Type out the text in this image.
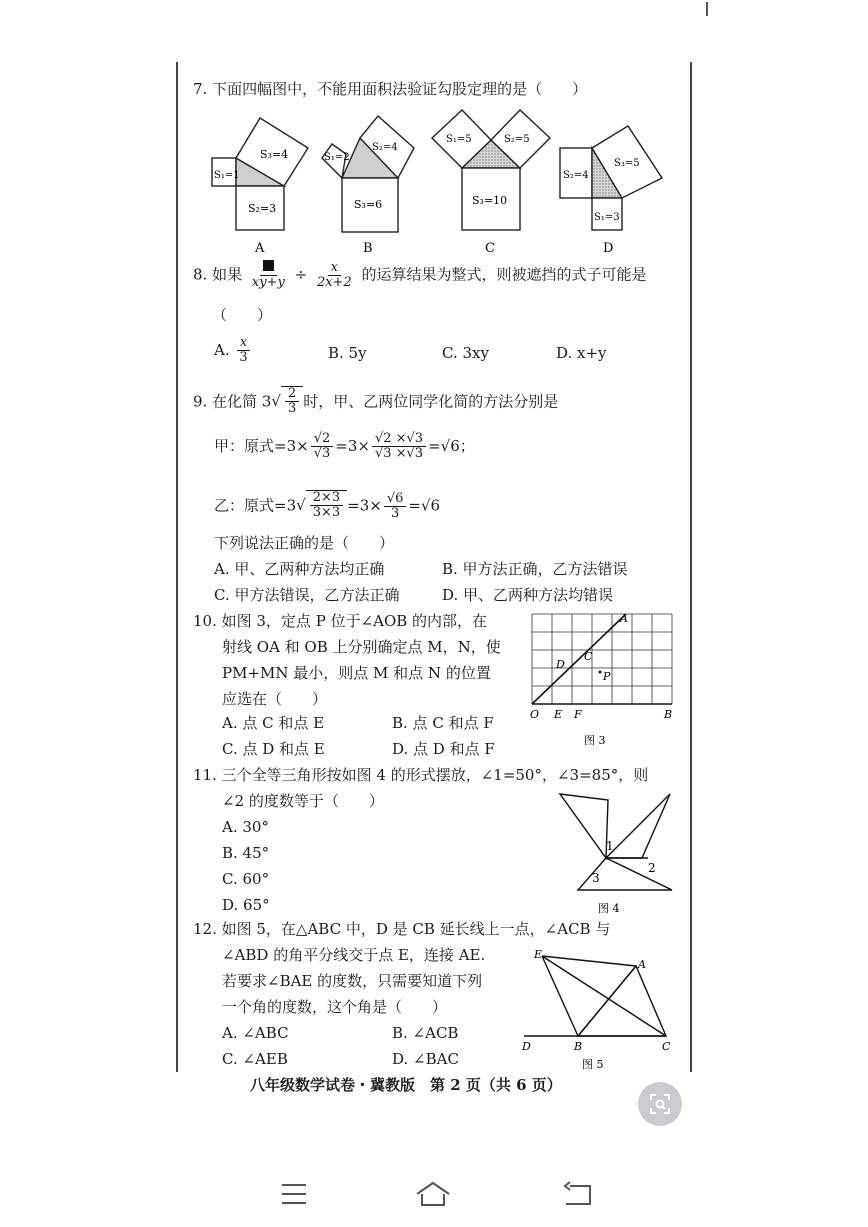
7. 下面四幅图中，不能用面积法验证勾股定理的是（　　）
S₁=1
S₃=4
S₂=3
A
S₁=2
S₂=4
S₃=6
B
S₁=5	S₂=5
S₃=10
C
S₂=4
S₃=5
S₁=3
D
8. 如果 $xy+y \div \frac{x}{2x+2}$ 的运算结果为整式，则被遮挡的式子可能是
（　　）
A. $\frac{x}{3}$	B. 5y	C. 3xy	D. x+y
9. 在化简 $3√ \frac{2}{3}$ 时，甲、乙两位同学化简的方法分别是
甲：原式$=3\times \frac{√2}{√3} =3\times \frac{√2 \times√3}{√3 \times√3} =√6$；
乙：原式$=3√ \frac{2\times 3}{3\times 3} =3\times \frac{√6}{3} =√6$
下列说法正确的是（　　）
A. 甲、乙两种方法均正确	B. 甲方法正确，乙方法错误
C. 甲方法错误，乙方法正确	D. 甲、乙两种方法均错误
10. 如图 3，定点 P 位于∠AOB 的内部，在
射线 OA 和 OB 上分别确定点 M，N，使
PM+MN 最小，则点 M 和点 N 的位置
应选在（　　）
A. 点 C 和点 E	B. 点 C 和点 F
C. 点 D 和点 E	D. 点 D 和点 F
A
B
O E F
D
C
P
图 3
11. 三个全等三角形按如图 4 的形式摆放，∠1=50°，∠3=85°，则
∠2 的度数等于（　　）
A. 30°
B. 45°
C. 60°
D. 65°
1
2
3
图 4
12. 如图 5，在△ABC 中，D 是 CB 延长线上一点，∠ACB 与
∠ABD 的角平分线交于点 E，连接 AE.
若要求∠BAE 的度数，只需要知道下列
一个角的度数，这个角是（　　）
A. ∠ABC	B. ∠ACB
C. ∠AEB	D. ∠BAC
E
A
D	B	C
图 5
八年级数学试卷・冀教版　第 2 页（共 6 页）
